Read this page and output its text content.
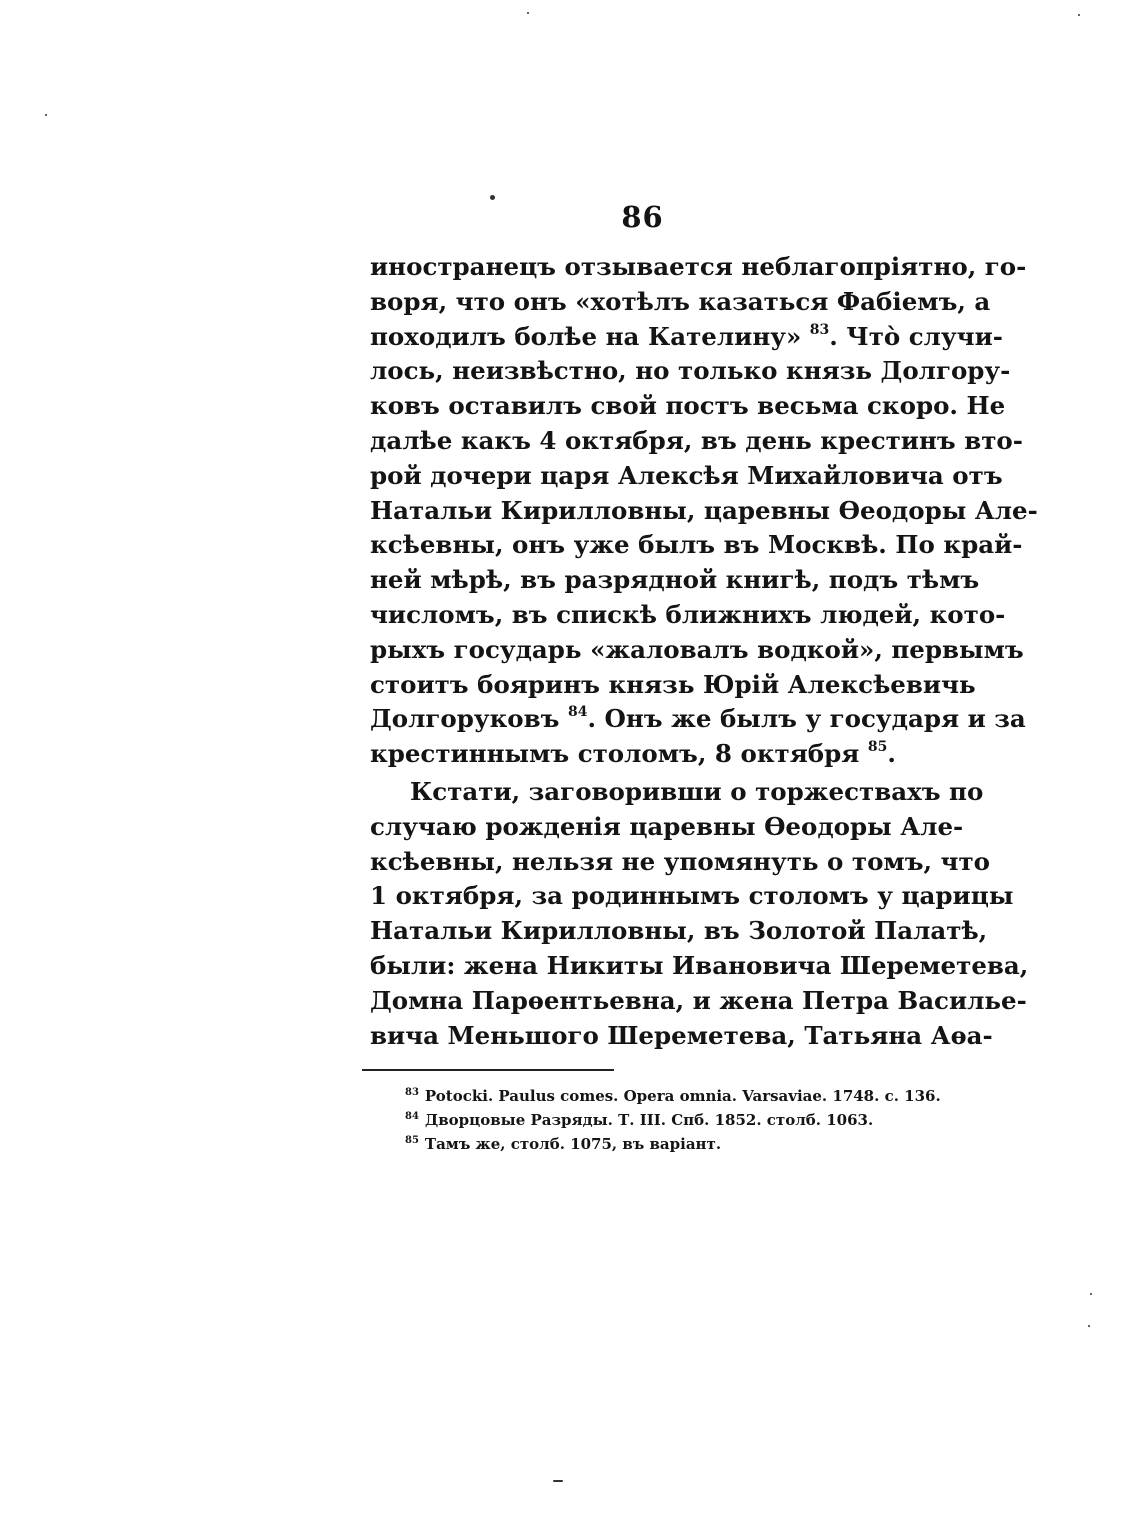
86
иностранецъ отзывается неблагопріятно, го-
воря, что онъ «хотѣлъ казаться Фабіемъ, а
походилъ болѣе на Кателину» $^{83}$. Что̀ случи-
лось, неизвѣстно, но только князь Долгору-
ковъ оставилъ свой постъ весьма скоро. Не
далѣе какъ 4 октября, въ день крестинъ вто-
рой дочери царя Алексѣя Михайловича отъ
Натальи Кирилловны, царевны Ѳеодоры Але-
ксѣевны, онъ уже былъ въ Москвѣ. По край-
ней мѣрѣ, въ разрядной книгѣ, подъ тѣмъ
числомъ, въ спискѣ ближнихъ людей, кото-
рыхъ государь «жаловалъ водкой», первымъ
стоитъ бояринъ князь Юрій Алексѣевичь
Долгоруковъ $^{84}$. Онъ же былъ у государя и за
крестиннымъ столомъ, 8 октября $^{85}$.
Кстати, заговоривши о торжествахъ по
случаю рожденія царевны Ѳеодоры Але-
ксѣевны, нельзя не упомянуть о томъ, что
1 октября, за родиннымъ столомъ у царицы
Натальи Кирилловны, въ Золотой Палатѣ,
были: жена Никиты Ивановича Шереметева,
Домна Парѳентьевна, и жена Петра Василье-
вича Меньшого Шереметева, Татьяна Аѳа-
$^{83}$ Potocki. Paulus comes. Opera omnia. Varsaviae. 1748. c. 136.
$^{84}$ Дворцовые Разряды. Т. III. Спб. 1852. столб. 1063.
$^{85}$ Тамъ же, столб. 1075, въ варіант.
